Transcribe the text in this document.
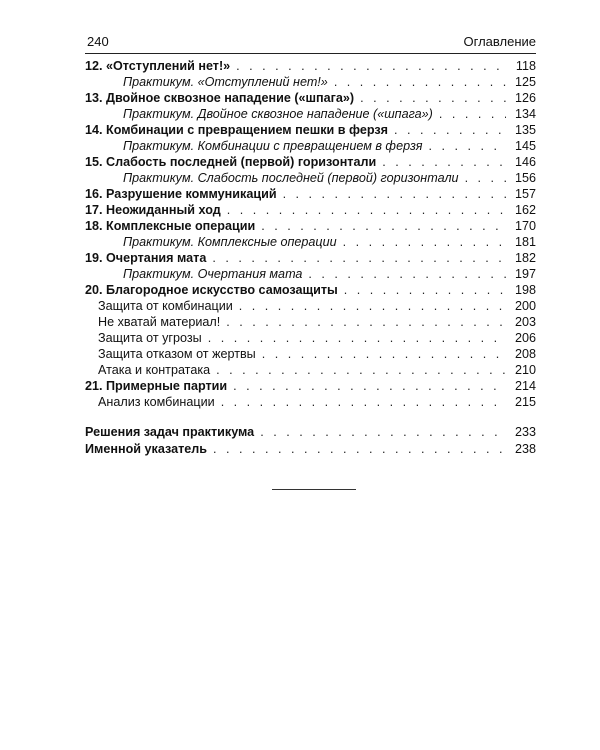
240	Оглавление
12. «Отступлений нет!» . . .	118
Практикум. «Отступлений нет!» . . .	125
13. Двойное сквозное нападение («шпага») . . .	126
Практикум. Двойное сквозное нападение («шпага») . . .	134
14. Комбинации с превращением пешки в ферзя . . .	135
Практикум. Комбинации с превращением в ферзя . . .	145
15. Слабость последней (первой) горизонтали . . .	146
Практикум. Слабость последней (первой) горизонтали . . .	156
16. Разрушение коммуникаций . . .	157
17. Неожиданный ход . . .	162
18. Комплексные операции . . .	170
Практикум. Комплексные операции . . .	181
19. Очертания мата . . .	182
Практикум. Очертания мата . . .	197
20. Благородное искусство самозащиты . . .	198
Защита от комбинации . . .	200
Не хватай материал! . . .	203
Защита от угрозы . . .	206
Защита отказом от жертвы . . .	208
Атака и контратака . . .	210
21. Примерные партии . . .	214
Анализ комбинации . . .	215
Решения задач практикума . . .	233
Именной указатель . . .	238
